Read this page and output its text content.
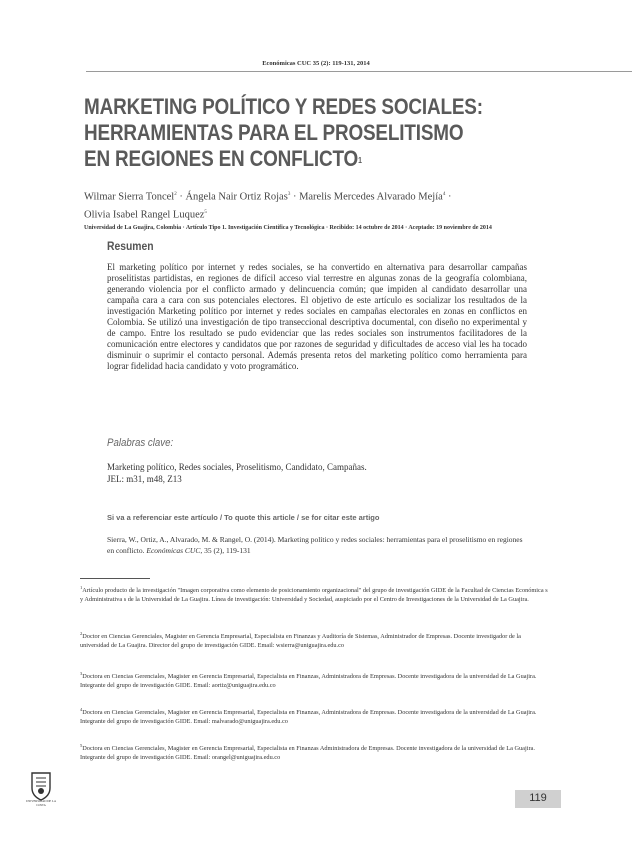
Económicas CUC 35 (2): 119-131, 2014
MARKETING POLÍTICO Y REDES SOCIALES:
HERRAMIENTAS PARA EL PROSELITISMO
EN REGIONES EN CONFLICTO$^1$
Wilmar Sierra Toncel$^2$ · Ángela Nair Ortiz Rojas$^3$ · Marelis Mercedes Alvarado Mejía$^4$ ·
Olivia Isabel Rangel Luquez$^5$
Universidad de La Guajira, Colombia · Artículo Tipo 1. Investigación Científica y Tecnológica · Recibido: 14 octubre de 2014 · Aceptado: 19 noviembre de 2014
Resumen
El marketing político por internet y redes sociales, se ha convertido en alternativa para desarrollar campañas proselitistas partidistas, en regiones de difícil acceso vial terrestre en algunas zonas de la geografía colombiana, generando violencia por el conflicto armado y delincuencia común; que impiden al candidato desarrollar una campaña cara a cara con sus potenciales electores. El objetivo de este artículo es socializar los resultados de la investigación Marketing político por internet y redes sociales en campañas electorales en zonas en conflictos en Colombia. Se utilizó una investigación de tipo transeccional descriptiva documental, con diseño no experimental y de campo. Entre los resultado se pudo evidenciar que las redes sociales son instrumentos facilitadores de la comunicación entre electores y candidatos que por razones de seguridad y dificultades de acceso vial les ha tocado disminuir o suprimir el contacto personal. Además presenta retos del marketing político como herramienta para lograr fidelidad hacia candidato y voto programático.
Palabras clave:
Marketing político, Redes sociales, Proselitismo, Candidato, Campañas.
JEL: m31, m48, Z13
Si va a referenciar este artículo / To quote this article / se for citar este artigo
Sierra, W., Ortiz, A., Alvarado, M. & Rangel, O. (2014). Marketing político y redes sociales: herramientas para el proselitismo en regiones en conflicto. Económicas CUC, 35 (2), 119-131
$^1$Artículo producto de la investigación "Imagen corporativa como elemento de posicionamiento organizacional" del grupo de investigación GIDE de la Facultad de Ciencias Económica s y Administrativa s de la Universidad de La Guajira. Línea de investigación: Universidad y Sociedad, auspiciado por el Centro de Investigaciones de la Universidad de La Guajira.
$^2$Doctor en Ciencias Gerenciales, Magister en Gerencia Empresarial, Especialista en Finanzas y Auditoría de Sistemas, Administrador de Empresas. Docente investigador de la universidad de La Guajira. Director del grupo de investigación GIDE. Email: wsierra@uniguajira.edu.co
$^3$Doctora en Ciencias Gerenciales, Magister en Gerencia Empresarial, Especialista en Finanzas, Administradora de Empresas. Docente investigadora de la universidad de La Guajira. Integrante del grupo de investigación GIDE. Email: aortiz@uniguajira.edu.co
$^4$Doctora en Ciencias Gerenciales, Magister en Gerencia Empresarial, Especialista en Finanzas, Administradora de Empresas. Docente investigadora de la universidad de La Guajira. Integrante del grupo de investigación GIDE. Email: malvarado@uniguajira.edu.co
$^5$Doctora en Ciencias Gerenciales, Magister en Gerencia Empresarial, Especialista en Finanzas Administradora de Empresas. Docente investigadora de la universidad de La Guajira. Integrante del grupo de investigación GIDE. Email: orangel@uniguajira.edu.co
UNIVERSIDAD DE LA COSTA
119
